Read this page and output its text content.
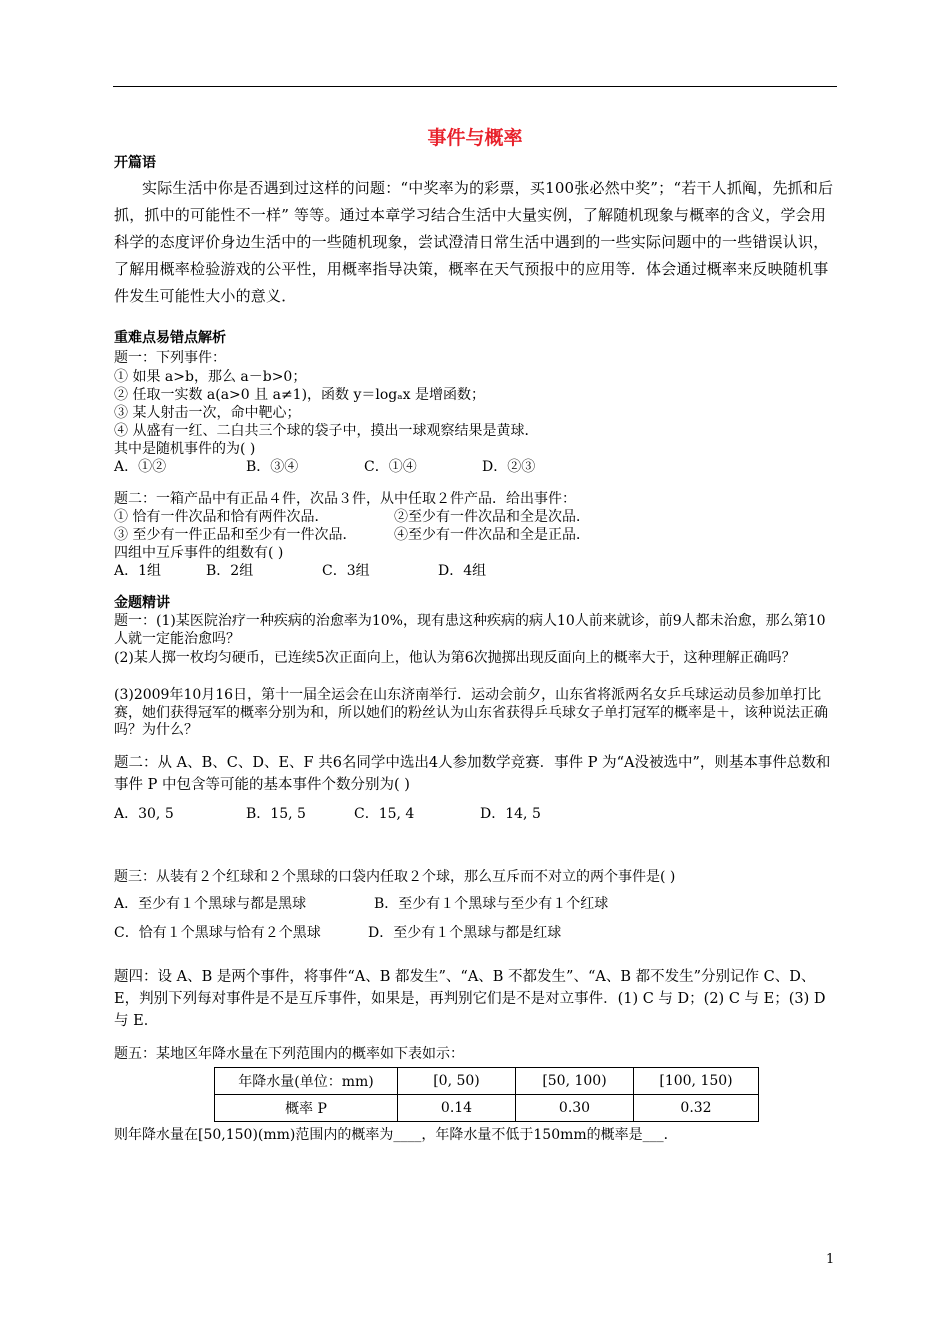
事件与概率
开篇语
实际生活中你是否遇到过这样的问题：“中奖率为的彩票，买100张必然中奖”；“若干人抓阄，先抓和后抓，抓中的可能性不一样” 等等。通过本章学习结合生活中大量实例，了解随机现象与概率的含义，学会用科学的态度评价身边生活中的一些随机现象，尝试澄清日常生活中遇到的一些实际问题中的一些错误认识，了解用概率检验游戏的公平性，用概率指导决策，概率在天气预报中的应用等．体会通过概率来反映随机事件发生可能性大小的意义．
重难点易错点解析
题一：下列事件：
① 如果 a>b，那么 a－b>0；
② 任取一实数 a(a>0 且 a≠1)，函数 y＝logₐx 是增函数；
③ 某人射击一次，命中靶心；
④ 从盛有一红、二白共三个球的袋子中，摸出一球观察结果是黄球．
其中是随机事件的为( )
A．①②	B．③④	C．①④	D．②③
题二：一箱产品中有正品４件，次品３件，从中任取２件产品．给出事件：
① 恰有一件次品和恰有两件次品．	②至少有一件次品和全是次品．
③ 至少有一件正品和至少有一件次品．	④至少有一件次品和全是正品．
四组中互斥事件的组数有( )
A．1组	B．2组	C．3组	D．4组
金题精讲
题一：(1)某医院治疗一种疾病的治愈率为10%，现有患这种疾病的病人10人前来就诊，前9人都未治愈，那么第10人就一定能治愈吗？
(2)某人掷一枚均匀硬币，已连续5次正面向上，他认为第6次抛掷出现反面向上的概率大于，这种理解正确吗？
(3)2009年10月16日，第十一届全运会在山东济南举行．运动会前夕，山东省将派两名女乒乓球运动员参加单打比赛，她们获得冠军的概率分别为和，所以她们的粉丝认为山东省获得乒乓球女子单打冠军的概率是＋，该种说法正确吗？为什么？
题二：从 A、B、C、D、E、F 共6名同学中选出4人参加数学竞赛．事件 P 为“A没被选中”，则基本事件总数和事件 P 中包含等可能的基本事件个数分别为( )
A．30, 5	B．15, 5	C．15, 4	D．14, 5
题三：从装有２个红球和２个黑球的口袋内任取２个球，那么互斥而不对立的两个事件是( )
A．至少有１个黑球与都是黑球	B．至少有１个黑球与至少有１个红球
C．恰有１个黑球与恰有２个黑球	D．至少有１个黑球与都是红球
题四：设 A、B 是两个事件，将事件“A、B 都发生”、“A、B 不都发生”、“A、B 都不发生”分别记作 C、D、E，判别下列每对事件是不是互斥事件，如果是，再判别它们是不是对立事件．(1) C 与 D；(2) C 与 E；(3) D 与 E．
题五：某地区年降水量在下列范围内的概率如下表如示：
年降水量(单位：mm)	[0, 50)	[50, 100)	[100, 150)
概率 P	0.14	0.30	0.32
则年降水量在[50,150)(mm)范围内的概率为____，年降水量不低于150mm的概率是___．
1
